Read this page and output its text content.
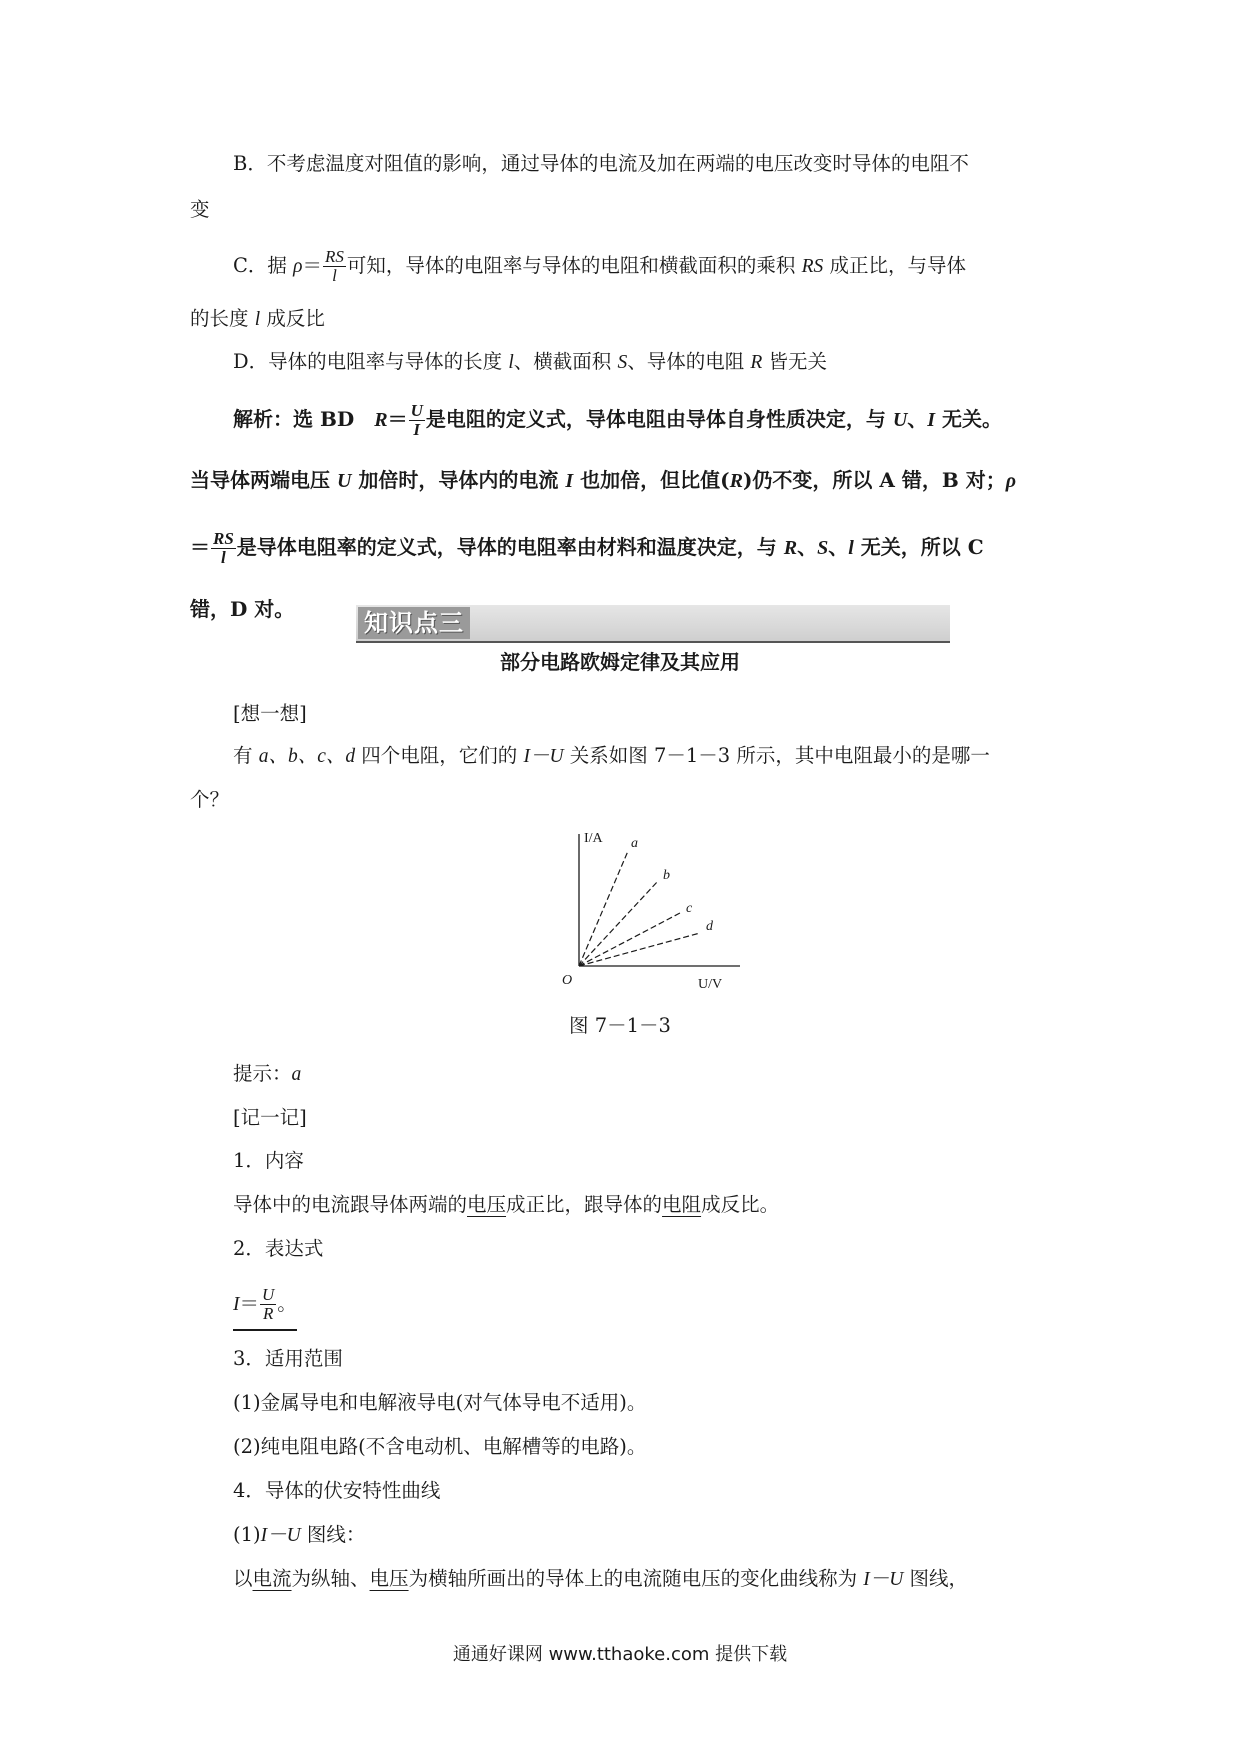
B．不考虑温度对阻值的影响，通过导体的电流及加在两端的电压改变时导体的电阻不
变
C．据 $\rho= \frac{RS}{l}$ 可知，导体的电阻率与导体的电阻和横截面积的乘积 RS 成正比，与导体
的长度 l 成反比
D．导体的电阻率与导体的长度 l、横截面积 S、导体的电阻 R 皆无关
解析：选 BD　$R= \frac{U}{I}$ 是电阻的定义式，导体电阻由导体自身性质决定，与 U、I 无关。
当导体两端电压 U 加倍时，导体内的电流 I 也加倍，但比值(R)仍不变，所以 A 错，B 对；ρ
＝ $\frac{RS}{l}$ 是导体电阻率的定义式，导体的电阻率由材料和温度决定，与 R、S、l 无关，所以 C
错，D 对。	知识点三
部分电路欧姆定律及其应用
[想一想]
有 a、b、c、d 四个电阻，它们的 I－U 关系如图 7－1－3 所示，其中电阻最小的是哪一
个？
I/A
U/V
O
a
b
c
d
图 7－1－3
提示：a
[记一记]
1．内容
导体中的电流跟导体两端的电压成正比，跟导体的电阻成反比。
2．表达式
$I= \frac{U}{R}$ 。
3．适用范围
(1)金属导电和电解液导电(对气体导电不适用)。
(2)纯电阻电路(不含电动机、电解槽等的电路)。
4．导体的伏安特性曲线
(1)I－U 图线：
以电流为纵轴、电压为横轴所画出的导体上的电流随电压的变化曲线称为 I－U 图线，
通通好课网 www.tthaoke.com 提供下载
